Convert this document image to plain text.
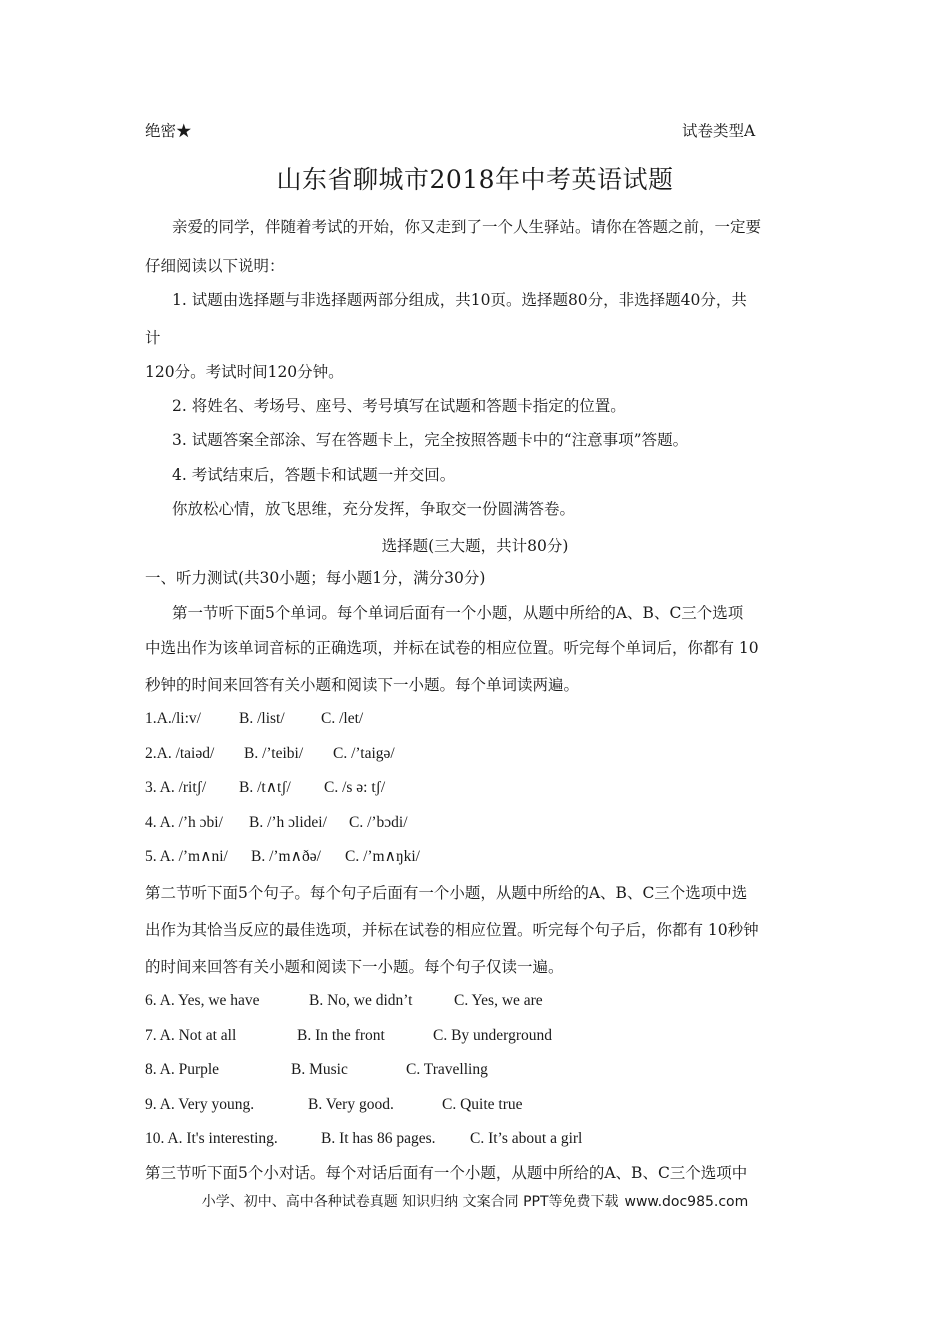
绝密★	试卷类型A
山东省聊城市2018年中考英语试题
亲爱的同学，伴随着考试的开始，你又走到了一个人生驿站。请你在答题之前，一定要
仔细阅读以下说明：
1. 试题由选择题与非选择题两部分组成，共10页。选择题80分，非选择题40分，共
计
120分。考试时间120分钟。
2. 将姓名、考场号、座号、考号填写在试题和答题卡指定的位置。
3. 试题答案全部涂、写在答题卡上，完全按照答题卡中的“注意事项”答题。
4. 考试结束后，答题卡和试题一并交回。
你放松心情，放飞思维，充分发挥，争取交一份圆满答卷。
选择题(三大题，共计80分)
一、听力测试(共30小题；每小题1分，满分30分)
第一节听下面5个单词。每个单词后面有一个小题，从题中所给的A、B、C三个选项
中选出作为该单词音标的正确选项，并标在试卷的相应位置。听完每个单词后，你都有 10
秒钟的时间来回答有关小题和阅读下一小题。每个单词读两遍。
1.A./li:v/ B. /list/ C. /let/
2.A. /taiəd/ B. /’teibi/ C. /’taigə/
3. A. /ritʃ/ B. /t∧tʃ/ C. /s ə: tʃ/
4. A. /’h ɔbi/ B. /’h ɔlidei/ C. /’bɔdi/
5. A. /’m∧ni/ B. /’m∧ðə/ C. /’m∧ŋki/
第二节听下面5个句子。每个句子后面有一个小题，从题中所给的A、B、C三个选项中选
出作为其恰当反应的最佳选项，并标在试卷的相应位置。听完每个句子后，你都有 10秒钟
的时间来回答有关小题和阅读下一小题。每个句子仅读一遍。
6. A. Yes, we have	B. No, we didn’t	C. Yes, we are
7. A. Not at all	B. In the front	C. By underground
8. A. Purple	B. Music	C. Travelling
9. A. Very young.	B. Very good.	C. Quite true
10. A. It's interesting.	B. It has 86 pages. C. It’s about a girl
第三节听下面5个小对话。每个对话后面有一个小题，从题中所给的A、B、C三个选项中
小学、初中、高中各种试卷真题 知识归纳 文案合同 PPT等免费下载 www.doc985.com
